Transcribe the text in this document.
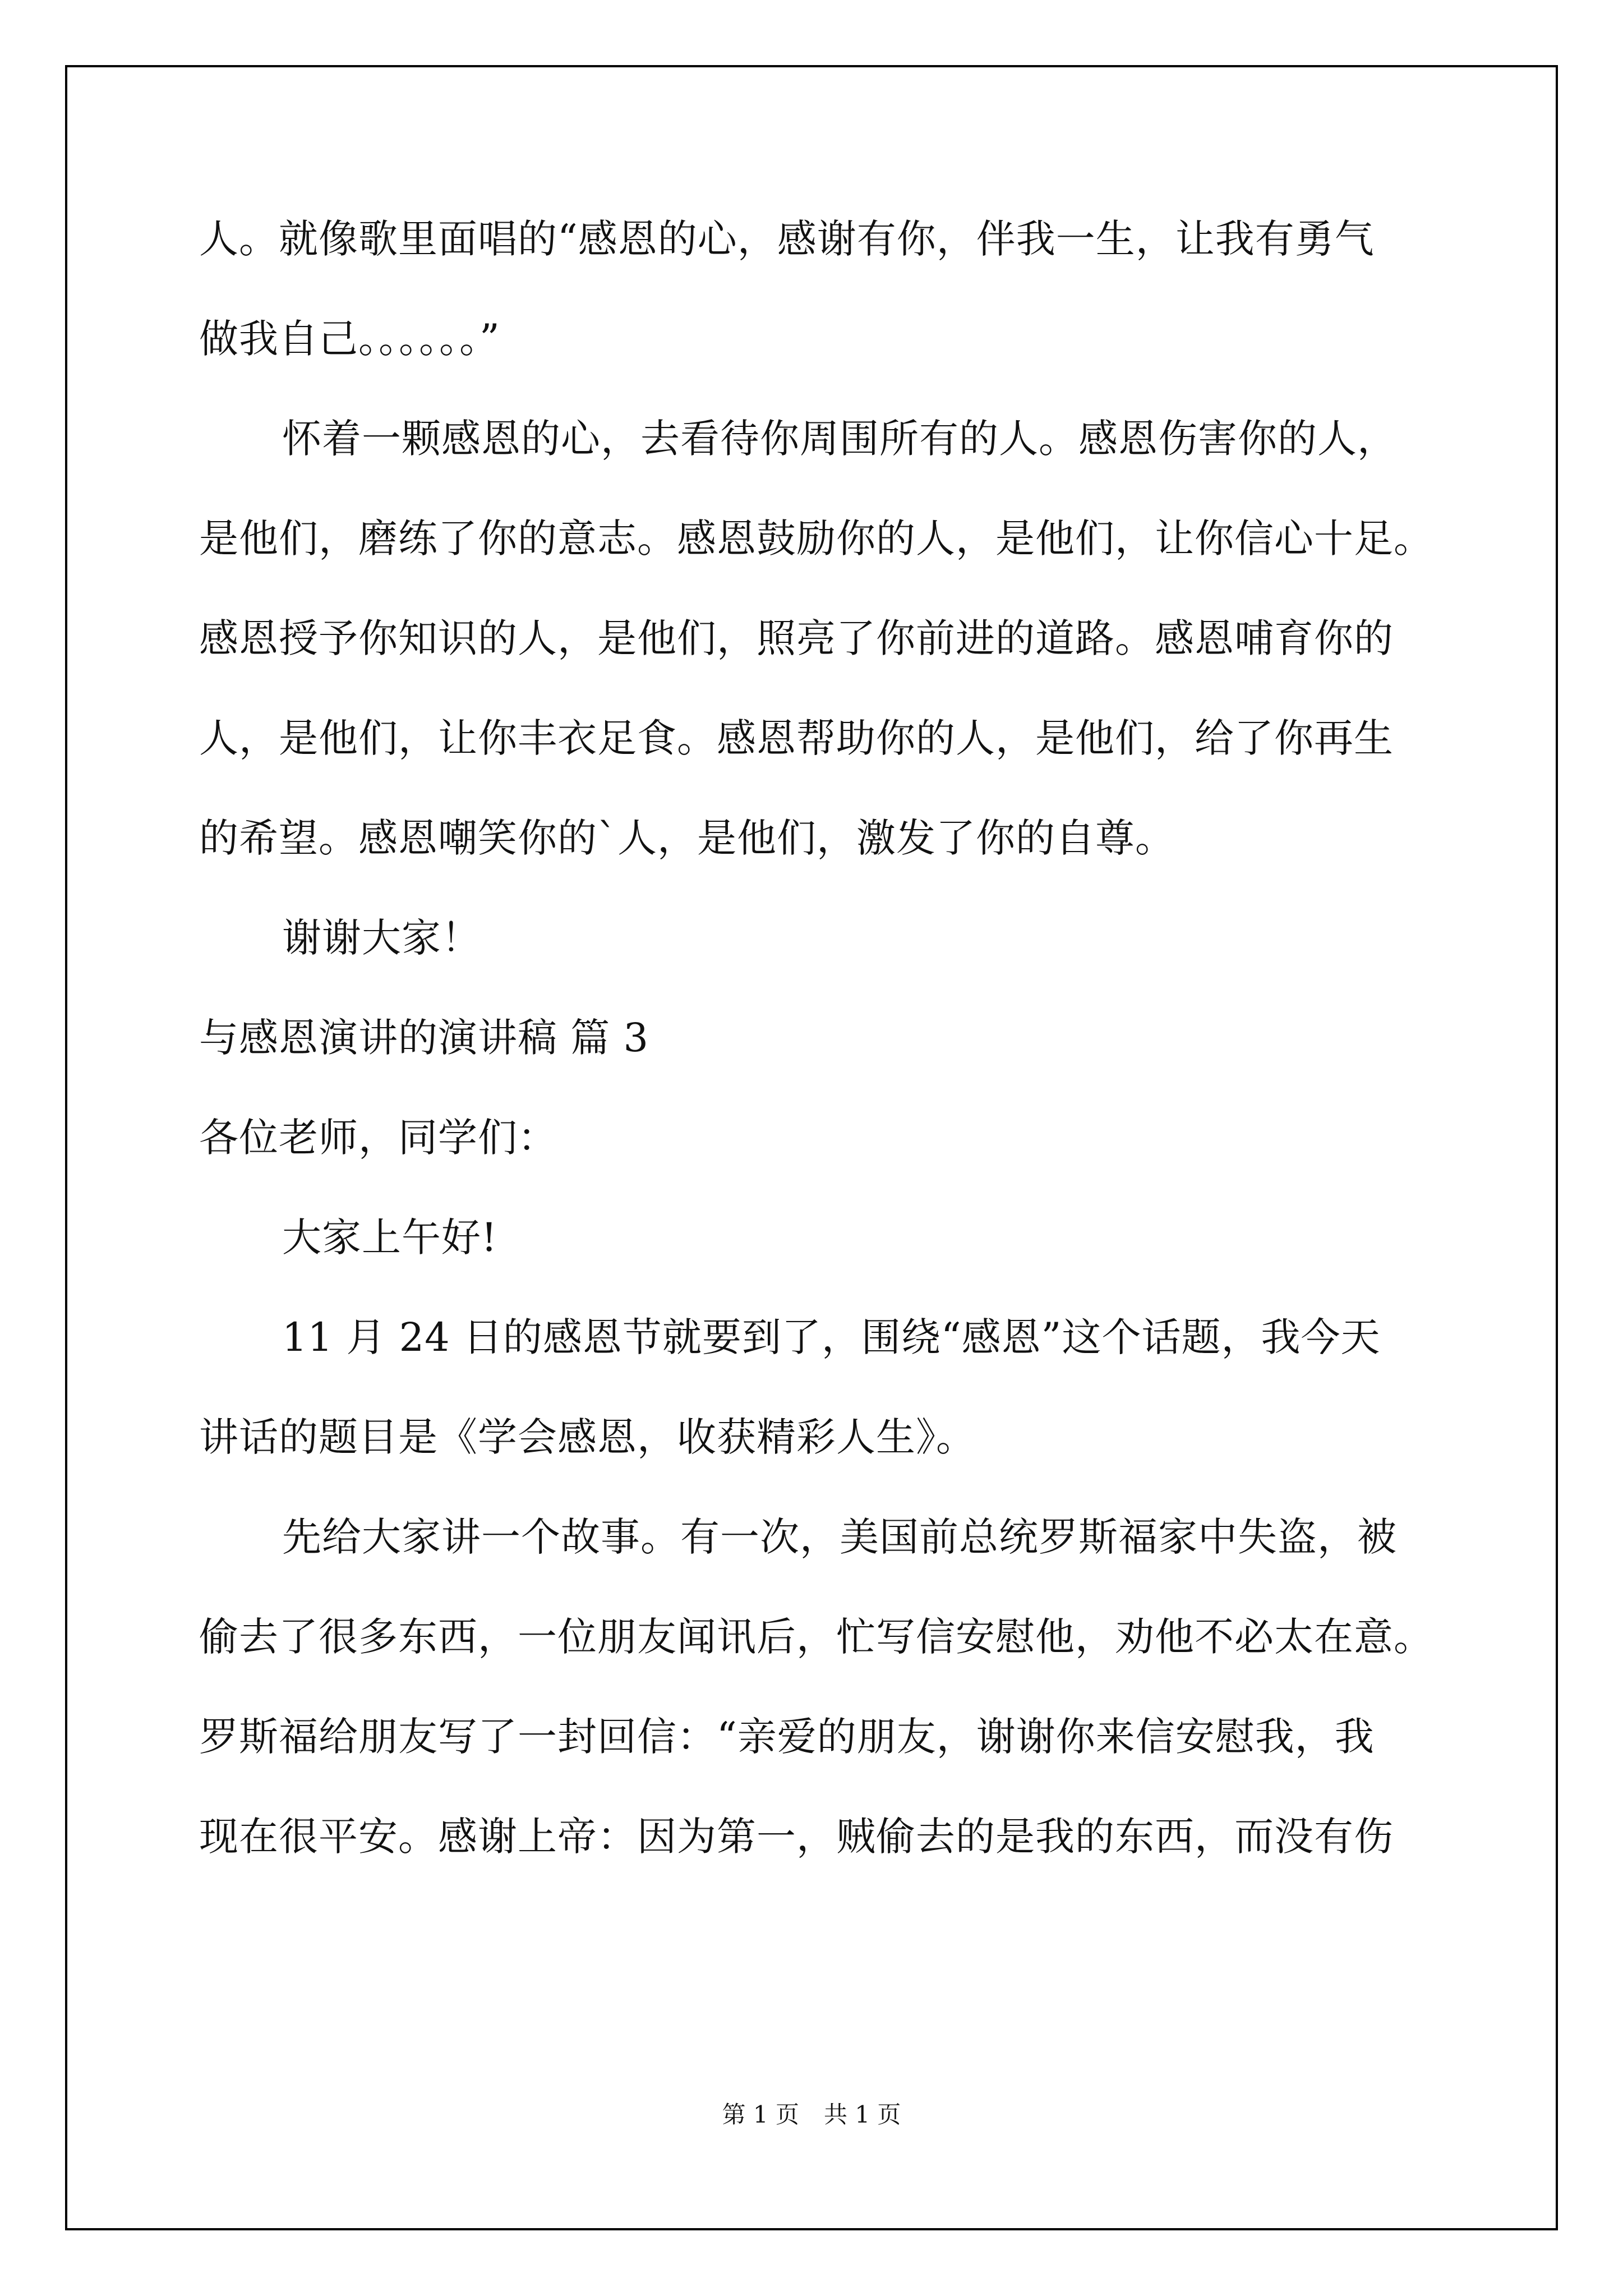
人。就像歌里面唱的“感恩的心，感谢有你，伴我一生，让我有勇气
做我自己。。。。。。”
怀着一颗感恩的心，去看待你周围所有的人。感恩伤害你的人，
是他们，磨练了你的意志。感恩鼓励你的人，是他们，让你信心十足。
感恩授予你知识的人，是他们，照亮了你前进的道路。感恩哺育你的
人，是他们，让你丰衣足食。感恩帮助你的人，是他们，给了你再生
的希望。感恩嘲笑你的`人，是他们，激发了你的自尊。
谢谢大家！
与感恩演讲的演讲稿 篇 3
各位老师，同学们：
大家上午好!
11 月 24 日的感恩节就要到了，围绕“感恩”这个话题，我今天
讲话的题目是《学会感恩，收获精彩人生》。
先给大家讲一个故事。有一次，美国前总统罗斯福家中失盗，被
偷去了很多东西，一位朋友闻讯后，忙写信安慰他，劝他不必太在意。
罗斯福给朋友写了一封回信：“亲爱的朋友，谢谢你来信安慰我，我
现在很平安。感谢上帝：因为第一，贼偷去的是我的东西，而没有伤
第 1 页 共 1 页
